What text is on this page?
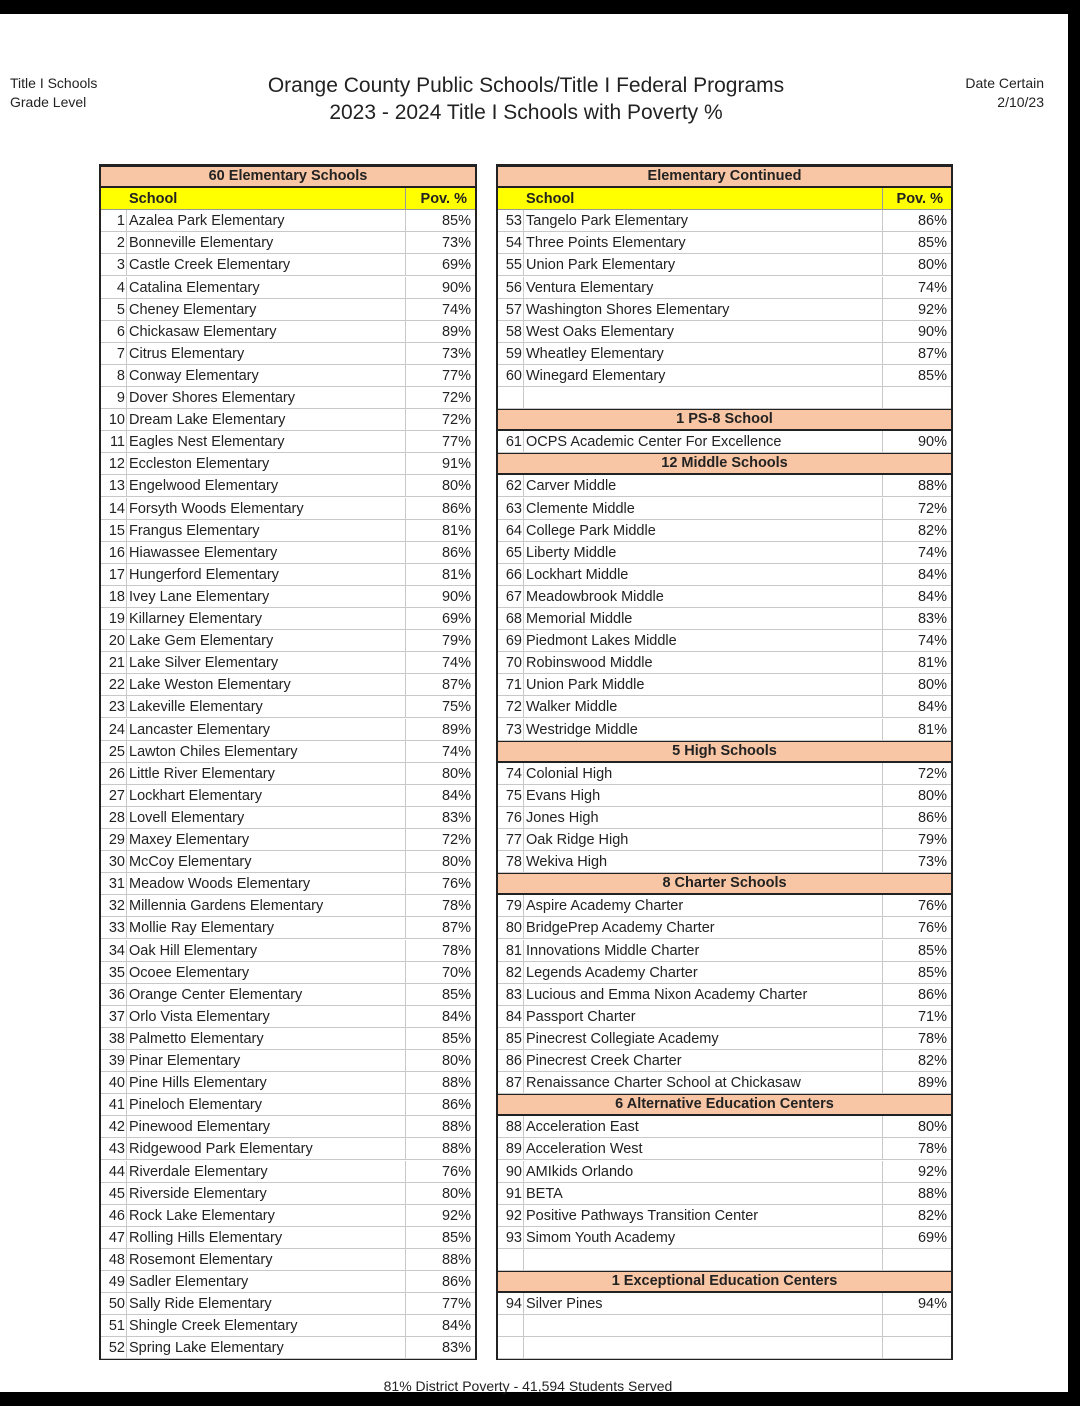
Title I Schools
Grade Level
Orange County Public Schools/Title I Federal Programs
2023 - 2024 Title I Schools with Poverty %
Date Certain
2/10/23
60 Elementary Schools
School	Pov. %
1 Azalea Park Elementary	85%
2 Bonneville Elementary	73%
3 Castle Creek Elementary	69%
4 Catalina Elementary	90%
5 Cheney Elementary	74%
6 Chickasaw Elementary	89%
7 Citrus Elementary	73%
8 Conway Elementary	77%
9 Dover Shores Elementary	72%
10 Dream Lake Elementary	72%
11 Eagles Nest Elementary	77%
12 Eccleston Elementary	91%
13 Engelwood Elementary	80%
14 Forsyth Woods Elementary	86%
15 Frangus Elementary	81%
16 Hiawassee Elementary	86%
17 Hungerford Elementary	81%
18 Ivey Lane Elementary	90%
19 Killarney Elementary	69%
20 Lake Gem Elementary	79%
21 Lake Silver Elementary	74%
22 Lake Weston Elementary	87%
23 Lakeville Elementary	75%
24 Lancaster Elementary	89%
25 Lawton Chiles Elementary	74%
26 Little River Elementary	80%
27 Lockhart Elementary	84%
28 Lovell Elementary	83%
29 Maxey Elementary	72%
30 McCoy Elementary	80%
31 Meadow Woods Elementary	76%
32 Millennia Gardens Elementary	78%
33 Mollie Ray Elementary	87%
34 Oak Hill Elementary	78%
35 Ocoee Elementary	70%
36 Orange Center Elementary	85%
37 Orlo Vista Elementary	84%
38 Palmetto Elementary	85%
39 Pinar Elementary	80%
40 Pine Hills Elementary	88%
41 Pineloch Elementary	86%
42 Pinewood Elementary	88%
43 Ridgewood Park Elementary	88%
44 Riverdale Elementary	76%
45 Riverside Elementary	80%
46 Rock Lake Elementary	92%
47 Rolling Hills Elementary	85%
48 Rosemont Elementary	88%
49 Sadler Elementary	86%
50 Sally Ride Elementary	77%
51 Shingle Creek Elementary	84%
52 Spring Lake Elementary	83%
Elementary Continued
School	Pov. %
53 Tangelo Park Elementary	86%
54 Three Points Elementary	85%
55 Union Park Elementary	80%
56 Ventura Elementary	74%
57 Washington Shores Elementary	92%
58 West Oaks Elementary	90%
59 Wheatley Elementary	87%
60 Winegard Elementary	85%
1 PS-8 School
61 OCPS Academic Center For Excellence	90%
12 Middle Schools
62 Carver Middle	88%
63 Clemente Middle	72%
64 College Park Middle	82%
65 Liberty Middle	74%
66 Lockhart Middle	84%
67 Meadowbrook Middle	84%
68 Memorial Middle	83%
69 Piedmont Lakes Middle	74%
70 Robinswood Middle	81%
71 Union Park Middle	80%
72 Walker Middle	84%
73 Westridge Middle	81%
5 High Schools
74 Colonial High	72%
75 Evans High	80%
76 Jones High	86%
77 Oak Ridge High	79%
78 Wekiva High	73%
8 Charter Schools
79 Aspire Academy Charter	76%
80 BridgePrep Academy Charter	76%
81 Innovations Middle Charter	85%
82 Legends Academy Charter	85%
83 Lucious and Emma Nixon Academy Charter	86%
84 Passport Charter	71%
85 Pinecrest Collegiate Academy	78%
86 Pinecrest Creek Charter	82%
87 Renaissance Charter School at Chickasaw	89%
6 Alternative Education Centers
88 Acceleration East	80%
89 Acceleration West	78%
90 AMIkids Orlando	92%
91 BETA	88%
92 Positive Pathways Transition Center	82%
93 Simom Youth Academy	69%
1 Exceptional Education Centers
94 Silver Pines	94%
81% District Poverty - 41,594 Students Served
